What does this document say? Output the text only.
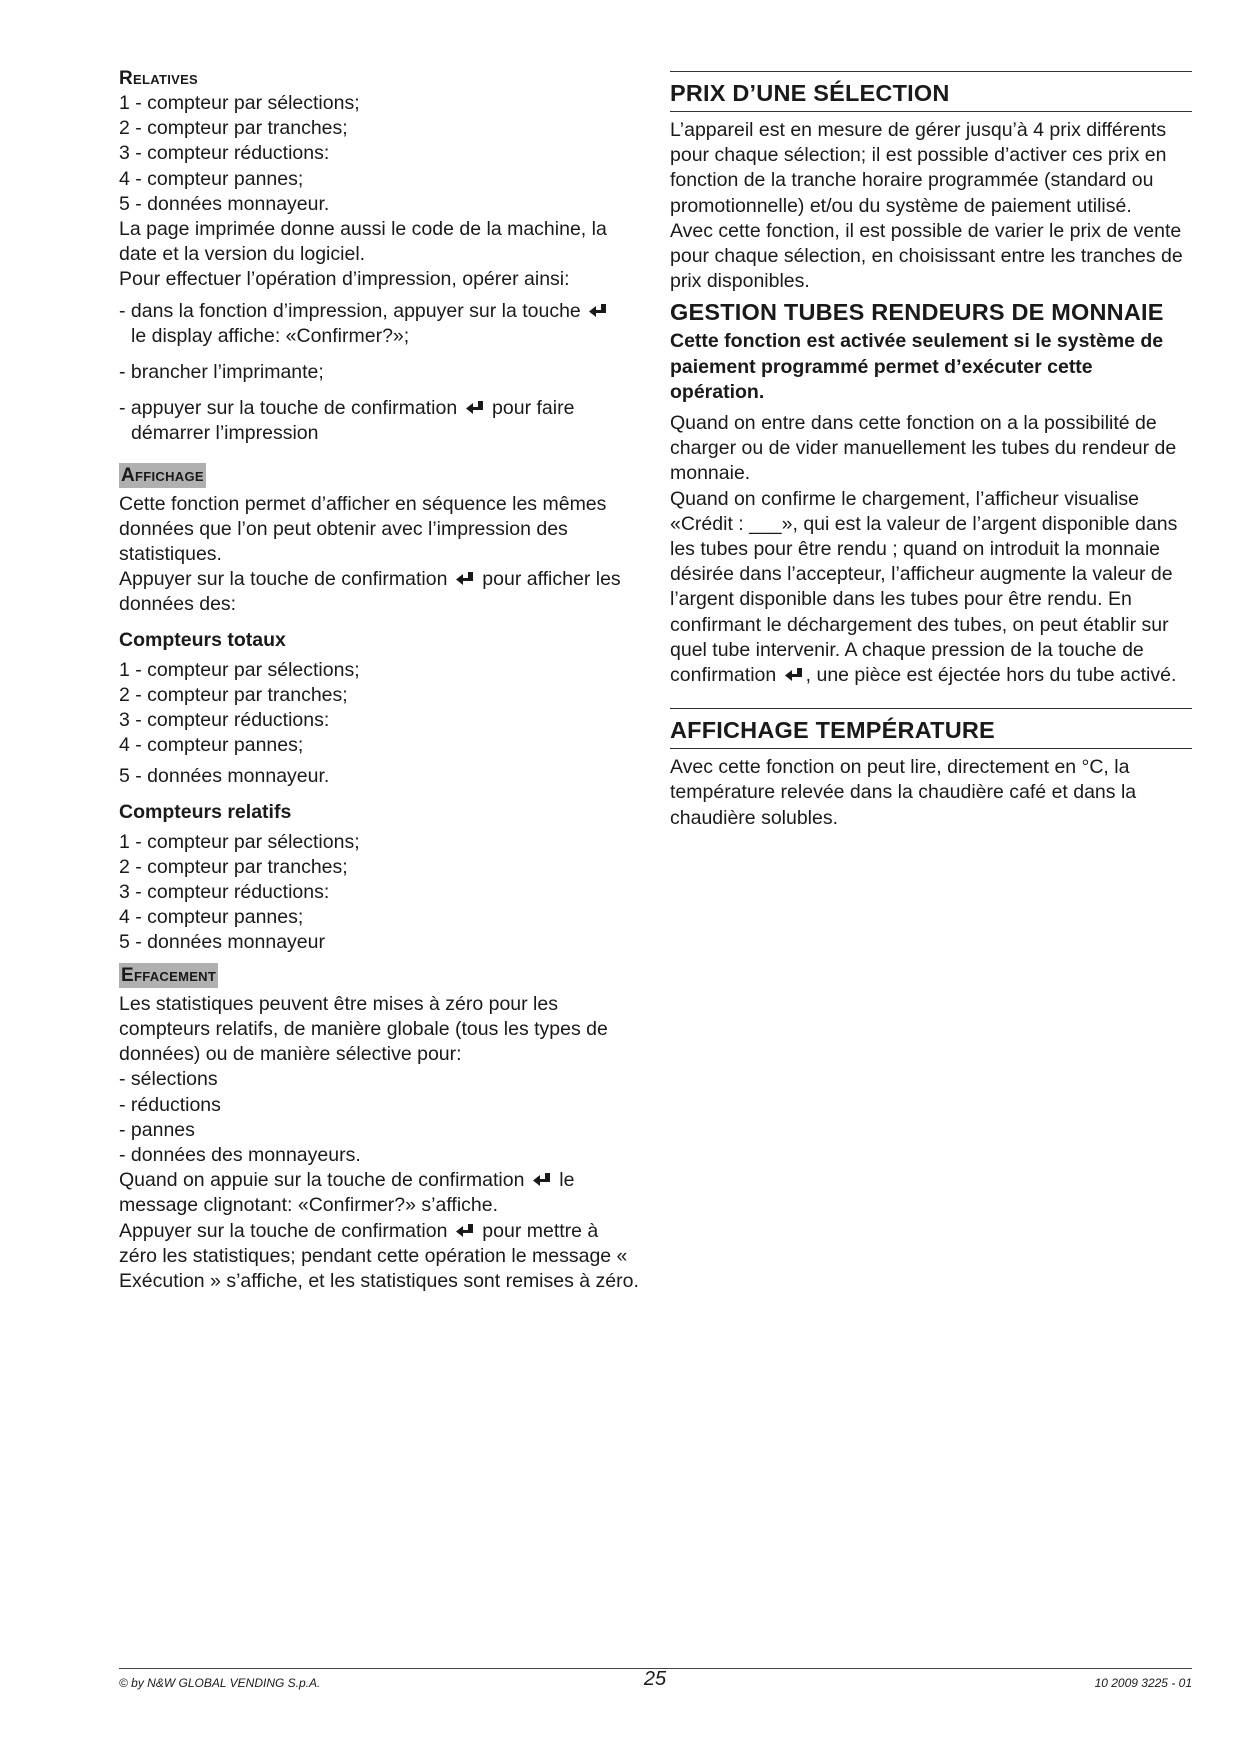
Relatives

1 - compteur par sélections;

2 - compteur par tranches;

3 - compteur réductions:

4 - compteur pannes;

5 - données monnayeur.

La page imprimée donne aussi le code de la machine, la date et la version du logiciel.

Pour effectuer l’opération d’impression, opérer ainsi:

- dans la fonction d’impression, appuyer sur la touche
le display affiche: «Confirmer?»;

- brancher l’imprimante;

- appuyer sur la touche de confirmation pour faire démarrer l’impression

Affichage

Cette fonction permet d’afficher en séquence les mêmes données que l’on peut obtenir avec l’impression des statistiques.

Appuyer sur la touche de confirmation pour afficher les données des:

Compteurs totaux

1 - compteur par sélections;

2 - compteur par tranches;

3 - compteur réductions:

4 - compteur pannes;

5 - données monnayeur.

Compteurs relatifs

1 - compteur par sélections;

2 - compteur par tranches;

3 - compteur réductions:

4 - compteur pannes;

5 - données monnayeur

Effacement

Les statistiques peuvent être mises à zéro pour les compteurs relatifs, de manière globale (tous les types de données) ou de manière sélective pour:

- sélections

- réductions

- pannes

- données des monnayeurs.

Quand on appuie sur la touche de confirmation le message clignotant: «Confirmer?» s’affiche.

Appuyer sur la touche de confirmation pour mettre à zéro les statistiques; pendant cette opération le message « Exécution » s’affiche, et les statistiques sont remises à zéro.

PRIX D’UNE SÉLECTION

L’appareil est en mesure de gérer jusqu’à 4 prix différents pour chaque sélection; il est possible d’activer ces prix en fonction de la tranche horaire programmée (standard ou promotionnelle) et/ou du système de paiement utilisé.

Avec cette fonction, il est possible de varier le prix de vente pour chaque sélection, en choisissant entre les tranches de prix disponibles.

GESTION TUBES RENDEURS DE MONNAIE

Cette fonction est activée seulement si le système de paiement programmé permet d’exécuter cette opération.

Quand on entre dans cette fonction on a la possibilité de charger ou de vider manuellement les tubes du rendeur de monnaie.

Quand on confirme le chargement, l’afficheur visualise «Crédit : ___», qui est la valeur de l’argent disponible dans les tubes pour être rendu ; quand on introduit la monnaie désirée dans l’accepteur, l’afficheur augmente la valeur de l’argent disponible dans les tubes pour être rendu. En confirmant le déchargement des tubes, on peut établir sur quel tube intervenir. A chaque pression de la touche de confirmation , une pièce est éjectée hors du tube activé.

AFFICHAGE TEMPÉRATURE

Avec cette fonction on peut lire, directement en °C, la température relevée dans la chaudière café et dans la chaudière solubles.

© by N&W GLOBAL VENDING S.p.A.	25	10 2009 3225 - 01
